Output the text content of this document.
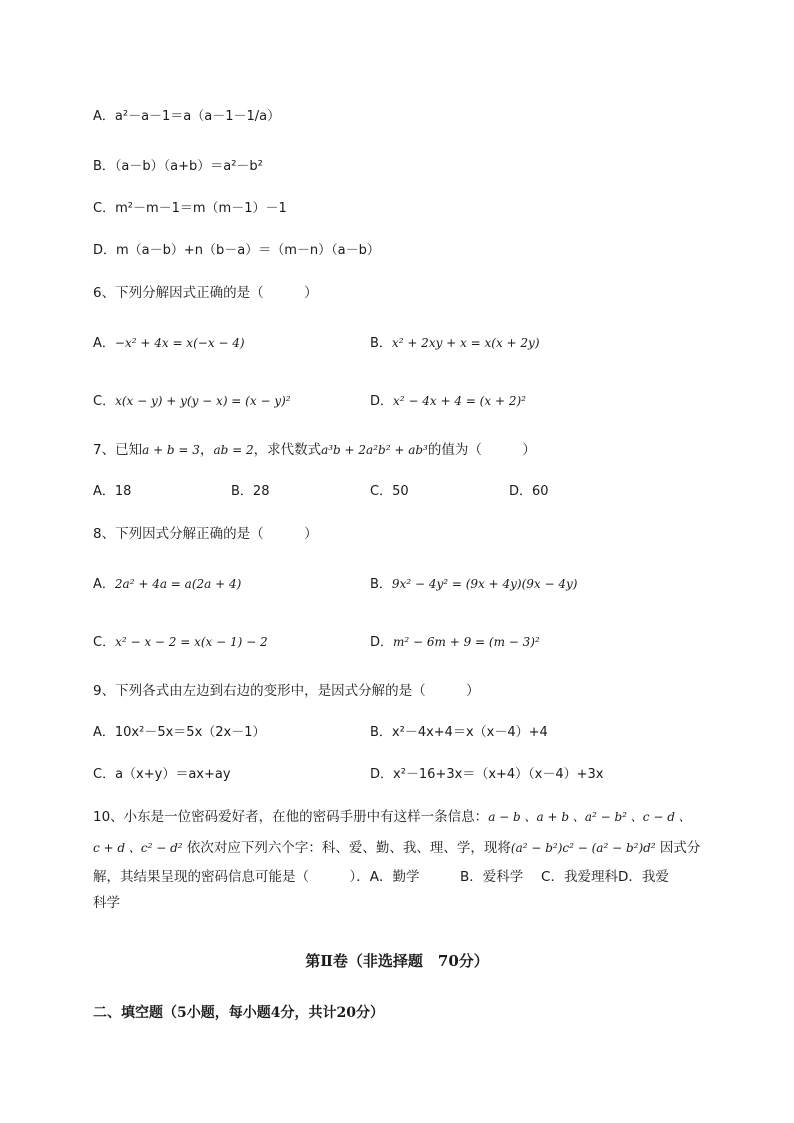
A．a²－a－1＝a（a－1－1/a）
B．（a－b）（a+b）＝a²－b²
C．m²－m－1＝m（m－1）－1
D．m（a－b）+n（b－a）＝（m－n）（a－b）
6、下列分解因式正确的是（　　　）
A．−x² + 4x = x(−x − 4)	B．x² + 2xy + x = x(x + 2y)
C．x(x − y) + y(y − x) = (x − y)²	D．x² − 4x + 4 = (x + 2)²
7、已知a + b = 3，ab = 2，求代数式a³b + 2a²b² + ab³的值为（　　　）
A．18	B．28	C．50	D．60
8、下列因式分解正确的是（　　　）
A．2a² + 4a = a(2a + 4)	B．9x² − 4y² = (9x + 4y)(9x − 4y)
C．x² − x − 2 = x(x − 1) − 2	D．m² − 6m + 9 = (m − 3)²
9、下列各式由左边到右边的变形中，是因式分解的是（　　　）
A．10x²－5x＝5x（2x－1）	B．x²－4x+4＝x（x－4）+4
C．a（x+y）＝ax+ay	D．x²－16+3x＝（x+4）（x－4）+3x
10、小东是一位密码爱好者，在他的密码手册中有这样一条信息：a − b 、a + b 、a² − b² 、c − d 、
c + d 、c² − d² 依次对应下列六个字：科、爱、勤、我、理、学，现将(a² − b²)c² − (a² − b²)d² 因式分
解，其结果呈现的密码信息可能是（　　　）．A．勤学　　　B．爱科学　 C．我爱理科D．我爱
科学
第Ⅱ卷（非选择题　70分）
二、填空题（5小题，每小题4分，共计20分）
